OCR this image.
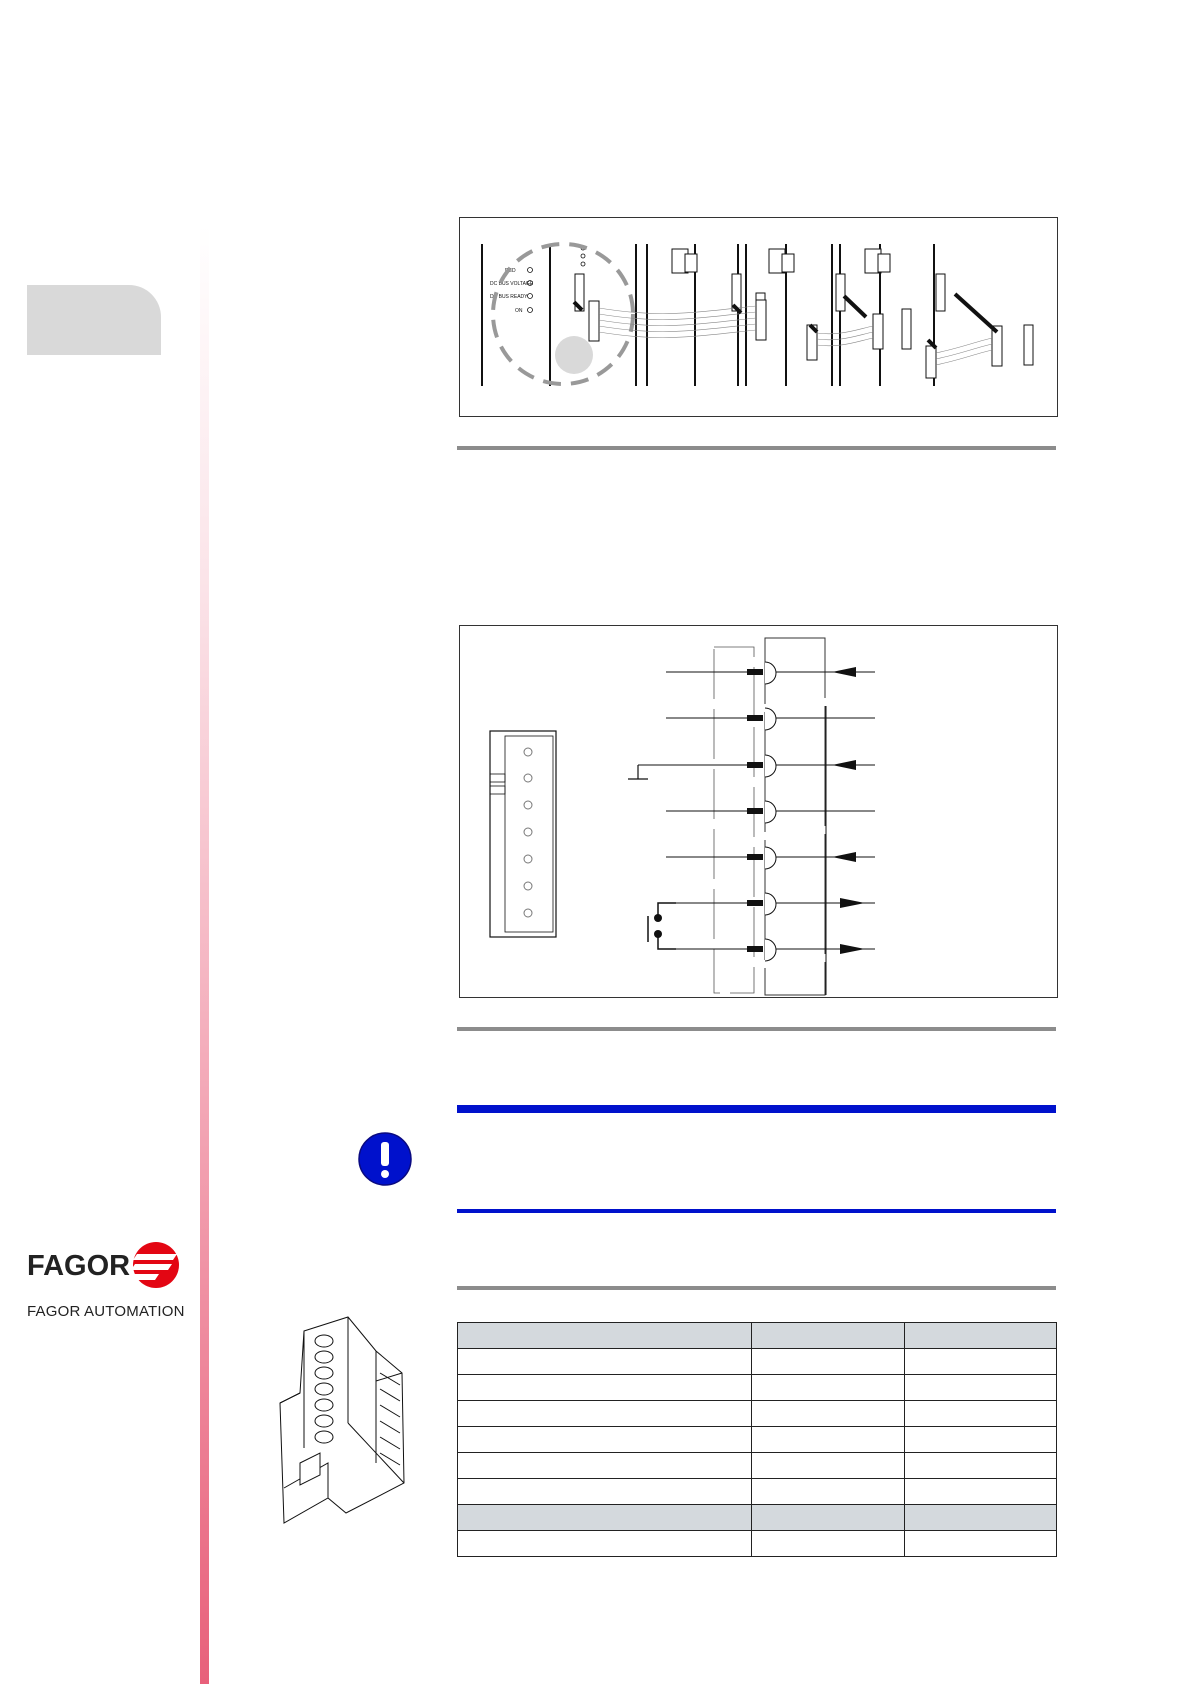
FAGOR
FAGOR AUTOMATION
RED
DC BUS VOLTAGE
DC BUS READY
ON
